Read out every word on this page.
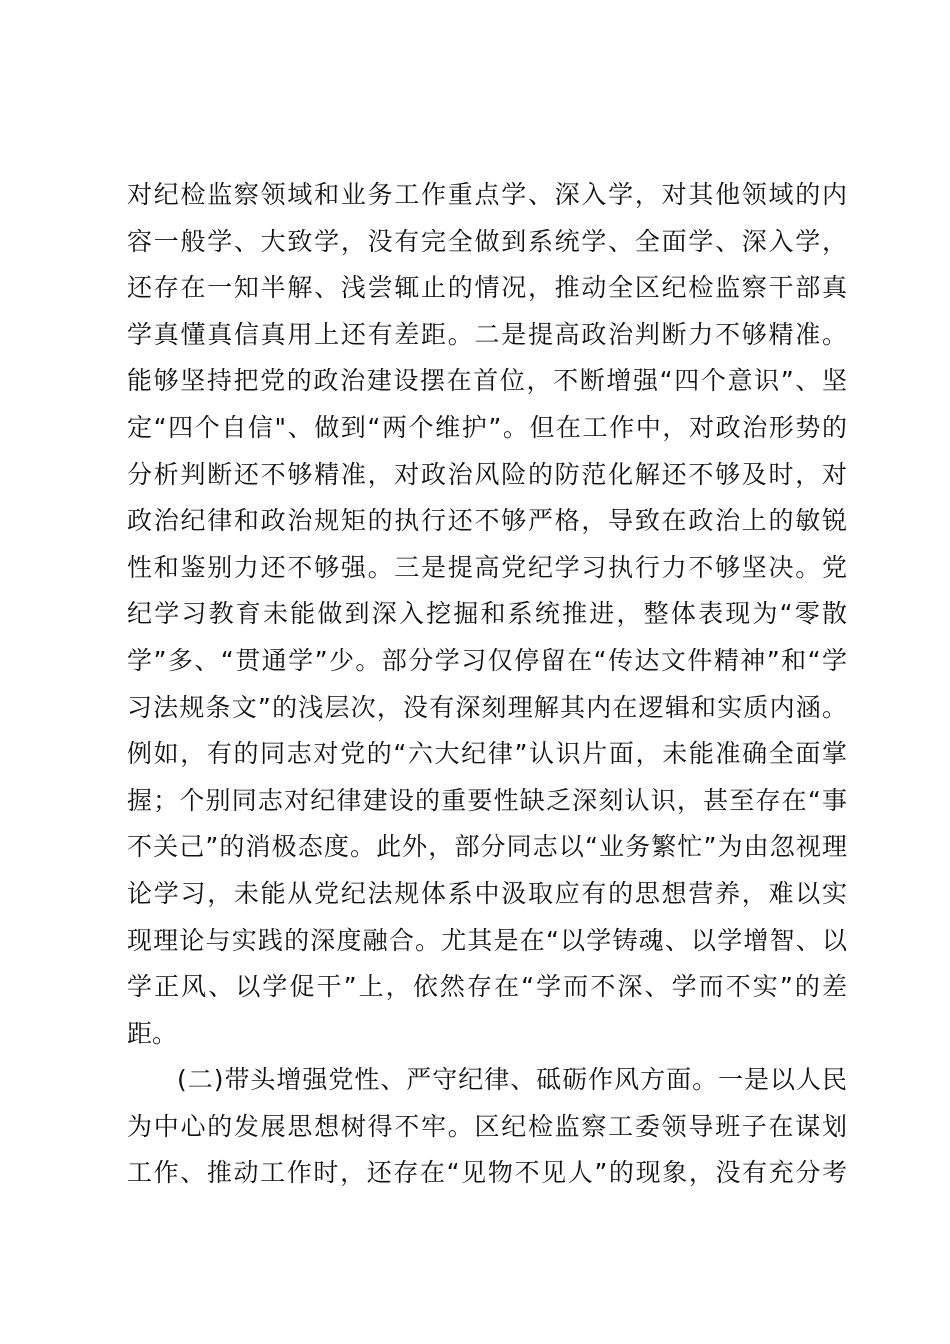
对纪检监察领域和业务工作重点学、深入学，对其他领域的内
容一般学、大致学，没有完全做到系统学、全面学、深入学，
还存在一知半解、浅尝辄止的情况，推动全区纪检监察干部真
学真懂真信真用上还有差距。二是提高政治判断力不够精准。
能够坚持把党的政治建设摆在首位，不断增强“四个意识”、坚
定“四个自信"、做到“两个维护”。但在工作中，对政治形势的
分析判断还不够精准，对政治风险的防范化解还不够及时，对
政治纪律和政治规矩的执行还不够严格，导致在政治上的敏锐
性和鉴别力还不够强。三是提高党纪学习执行力不够坚决。党
纪学习教育未能做到深入挖掘和系统推进，整体表现为“零散
学”多、“贯通学”少。部分学习仅停留在“传达文件精神”和“学
习法规条文”的浅层次，没有深刻理解其内在逻辑和实质内涵。
例如，有的同志对党的“六大纪律”认识片面，未能准确全面掌
握；个别同志对纪律建设的重要性缺乏深刻认识，甚至存在“事
不关己”的消极态度。此外，部分同志以“业务繁忙”为由忽视理
论学习，未能从党纪法规体系中汲取应有的思想营养，难以实
现理论与实践的深度融合。尤其是在“以学铸魂、以学增智、以
学正风、以学促干”上，依然存在“学而不深、学而不实”的差
距。
(二)带头增强党性、严守纪律、砥砺作风方面。一是以人民
为中心的发展思想树得不牢。区纪检监察工委领导班子在谋划
工作、推动工作时，还存在“见物不见人”的现象，没有充分考
